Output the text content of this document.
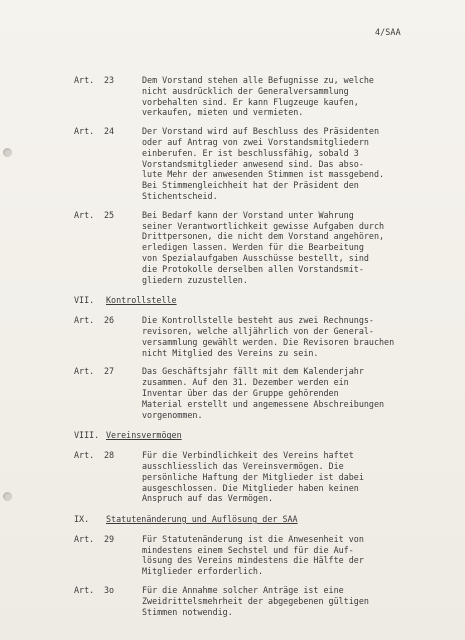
4/SAA
Art.	23	Dem Vorstand stehen alle Befugnisse zu, welche
nicht ausdrücklich der Generalversammlung
vorbehalten sind. Er kann Flugzeuge kaufen,
verkaufen, mieten und vermieten.
Art.	24	Der Vorstand wird auf Beschluss des Präsidenten
oder auf Antrag von zwei Vorstandsmitgliedern
einberufen. Er ist beschlussfähig, sobald 3
Vorstandsmitglieder anwesend sind. Das abso-
lute Mehr der anwesenden Stimmen ist massgebend.
Bei Stimmengleichheit hat der Präsident den
Stichentscheid.
Art.	25	Bei Bedarf kann der Vorstand unter Wahrung
seiner Verantwortlichkeit gewisse Aufgaben durch
Drittpersonen, die nicht dem Vorstand angehören,
erledigen lassen. Werden für die Bearbeitung
von Spezialaufgaben Ausschüsse bestellt, sind
die Protokolle derselben allen Vorstandsmit-
gliedern zuzustellen.
VII.	Kontrollstelle
Art.	26	Die Kontrollstelle besteht aus zwei Rechnungs-
revisoren, welche alljährlich von der General-
versammlung gewählt werden. Die Revisoren brauchen
nicht Mitglied des Vereins zu sein.
Art.	27	Das Geschäftsjahr fällt mit dem Kalenderjahr
zusammen. Auf den 31. Dezember werden ein
Inventar über das der Gruppe gehörenden
Material erstellt und angemessene Abschreibungen
vorgenommen.
VIII. Vereinsvermögen
Art.	28	Für die Verbindlichkeit des Vereins haftet
ausschliesslich das Vereinsvermögen. Die
persönliche Haftung der Mitglieder ist dabei
ausgeschlossen. Die Mitglieder haben keinen
Anspruch auf das Vermögen.
IX.	Statutenänderung und Auflösung der SAA
Art.	29	Für Statutenänderung ist die Anwesenheit von
mindestens einem Sechstel und für die Auf-
lösung des Vereins mindestens die Hälfte der
Mitglieder erforderlich.
Art.	3o	Für die Annahme solcher Anträge ist eine
Zweidrittelsmehrheit der abgegebenen gültigen
Stimmen notwendig.
